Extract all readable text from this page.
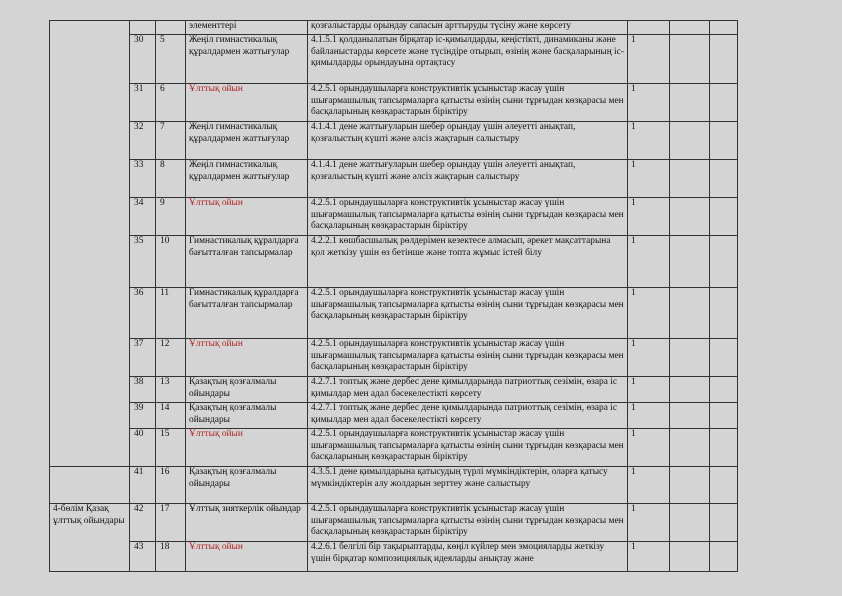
			элементтері	қозғалыстарды орындау сапасын арттыруды түсіну және көрсету			
	30	5	Жеңіл гимнастикалық құралдармен жаттығулар	4.1.5.1 қолданылатын бірқатар іс-қимылдарды, кеңістікті, динамиканы және байланыстарды көрсете және түсіндіре отырып, өзінің және басқаларының іс-қимылдарды орындауына ортақтасу	1		
	31	6	Ұлттық ойын	4.2.5.1 орындаушыларға конструктивтік ұсыныстар жасау үшін шығармашылық тапсырмаларға қатысты өзінің сыни тұрғыдан көзқарасы мен басқаларының көзқарастарын біріктіру	1		
	32	7	Жеңіл гимнастикалық құралдармен жаттығулар	4.1.4.1 дене жаттығуларын шебер орындау үшін әлеуетті анықтап, қозғалыстың күшті және әлсіз жақтарын салыстыру	1		
	33	8	Жеңіл гимнастикалық құралдармен жаттығулар	4.1.4.1 дене жаттығуларын шебер орындау үшін әлеуетті анықтап, қозғалыстың күшті және әлсіз жақтарын салыстыру	1		
	34	9	Ұлттық ойын	4.2.5.1 орындаушыларға конструктивтік ұсыныстар жасау үшін шығармашылық тапсырмаларға қатысты өзінің сыни тұрғыдан көзқарасы мен басқаларының көзқарастарын біріктіру	1		
	35	10	Гимнастикалық құралдарға бағытталған тапсырмалар	4.2.2.1 көшбасшылық рөлдерімен кезектесе алмасып, әрекет мақсаттарына қол жеткізу үшін өз бетінше және топта жұмыс істей білу	1		
	36	11	Гимнастикалық құралдарға бағытталған тапсырмалар	4.2.5.1 орындаушыларға конструктивтік ұсыныстар жасау үшін шығармашылық тапсырмаларға қатысты өзінің сыни тұрғыдан көзқарасы мен басқаларының көзқарастарын біріктіру	1		
	37	12	Ұлттық ойын	4.2.5.1 орындаушыларға конструктивтік ұсыныстар жасау үшін шығармашылық тапсырмаларға қатысты өзінің сыни тұрғыдан көзқарасы мен басқаларының көзқарастарын біріктіру	1		
	38	13	Қазақтың қозғалмалы ойындары	4.2.7.1 топтық және дербес дене қимылдарында патриоттық сезімін, өзара іс қимылдар мен адал бәсекелестікті көрсету	1		
	39	14	Қазақтың қозғалмалы ойындары	4.2.7.1 топтық және дербес дене қимылдарында патриоттық сезімін, өзара іс қимылдар мен адал бәсекелестікті көрсету	1		
	40	15	Ұлттық ойын	4.2.5.1 орындаушыларға конструктивтік ұсыныстар жасау үшін шығармашылық тапсырмаларға қатысты өзінің сыни тұрғыдан көзқарасы мен басқаларының көзқарастарын біріктіру	1		
	41	16	Қазақтың қозғалмалы ойындары	4.3.5.1 дене қимылдарына қатысудың түрлі мүмкіндіктерін, оларға қатысу мүмкіндіктерін алу жолдарын зерттеу және салыстыру	1		
4-бөлім Қазақ ұлттық ойындары	42	17	Ұлттық зияткерлік ойындар	4.2.5.1 орындаушыларға конструктивтік ұсыныстар жасау үшін шығармашылық тапсырмаларға қатысты өзінің сыни тұрғыдан көзқарасы мен басқаларының көзқарастарын біріктіру	1		
	43	18	Ұлттық ойын	4.2.6.1 белгілі бір тақырыптарды, көңіл күйлер мен эмоцияларды жеткізу үшін бірқатар композициялық идеяларды анықтау және	1		
